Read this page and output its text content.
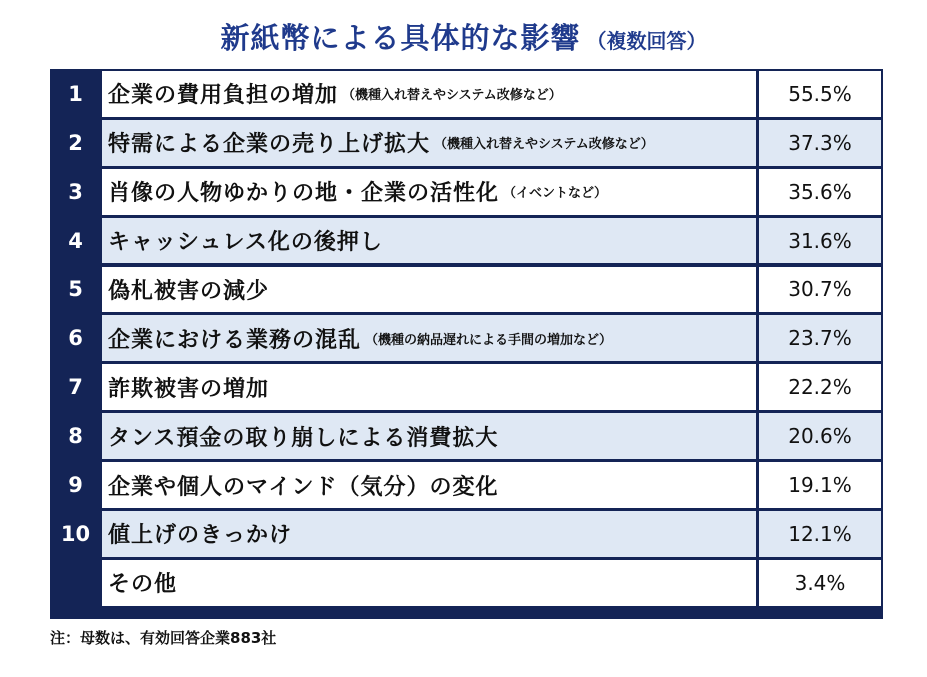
新紙幣による具体的な影響 （複数回答）
1	企業の費用負担の増加 （機種入れ替えやシステム改修など）	55.5%
2	特需による企業の売り上げ拡大 （機種入れ替えやシステム改修など）	37.3%
3	肖像の人物ゆかりの地・企業の活性化 （イベントなど）	35.6%
4	キャッシュレス化の後押し	31.6%
5	偽札被害の減少	30.7%
6	企業における業務の混乱 （機種の納品遅れによる手間の増加など）	23.7%
7	詐欺被害の増加	22.2%
8	タンス預金の取り崩しによる消費拡大	20.6%
9	企業や個人のマインド（気分）の変化	19.1%
10 値上げのきっかけ	12.1%
その他	3.4%
注：母数は、有効回答企業883社
